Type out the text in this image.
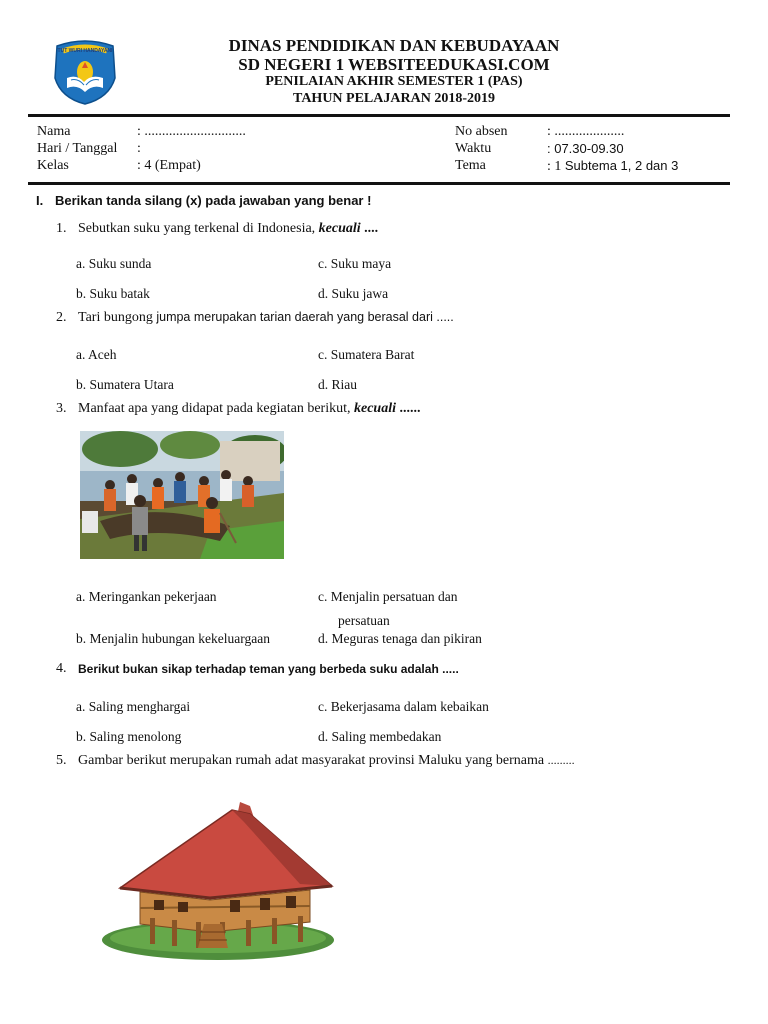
TUT WURI HANDAYANI	DINAS PENDIDIKAN DAN KEBUDAYAAN
SD NEGERI 1 WEBSITEEDUKASI.COM
PENILAIAN AKHIR SEMESTER 1 (PAS)
TAHUN PELAJARAN 2018-2019
Nama	: .............................
Hari / Tanggal :
Kelas	: 4 (Empat)
No absen	: ....................
Waktu	: 07.30-09.30
Tema	: 1 Subtema 1, 2 dan 3
I. Berikan tanda silang (x) pada jawaban yang benar !
1. Sebutkan suku yang terkenal di Indonesia, kecuali ....
a. Suku sunda
b. Suku batak
c. Suku maya
d. Suku jawa
2. Tari bungong jumpa merupakan tarian daerah yang berasal dari .....
a. Aceh
b. Sumatera Utara
c. Sumatera Barat
d. Riau
3. Manfaat apa yang didapat pada kegiatan berikut, kecuali ......
a. Meringankan pekerjaan
b. Menjalin hubungan kekeluargaan
c. Menjalin persatuan dan
persatuan
d. Meguras tenaga dan pikiran
4. Berikut bukan sikap terhadap teman yang berbeda suku adalah .....
a. Saling menghargai
b. Saling menolong
c. Bekerjasama dalam kebaikan
d. Saling membedakan
5. Gambar berikut merupakan rumah adat masyarakat provinsi Maluku yang bernama .........
